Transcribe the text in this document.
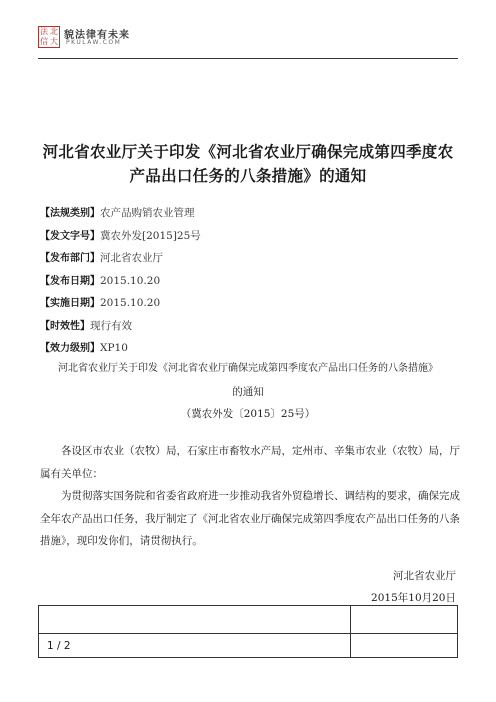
法 北
信 大
貌法律有未来
PKULAW.COM
河北省农业厅关于印发《河北省农业厅确保完成第四季度农
产品出口任务的八条措施》的通知
【法规类别】农产品购销农业管理
【发文字号】冀农外发[2015]25号
【发布部门】河北省农业厅
【发布日期】2015.10.20
【实施日期】2015.10.20
【时效性】现行有效
【效力级别】XP10
河北省农业厅关于印发《河北省农业厅确保完成第四季度农产品出口任务的八条措施》
的通知
（冀农外发〔2015〕25号）
各设区市农业（农牧）局，石家庄市畜牧水产局，定州市、辛集市农业（农牧）局，厅属有关单位：
为贯彻落实国务院和省委省政府进一步推动我省外贸稳增长、调结构的要求，确保完成全年农产品出口任务，我厅制定了《河北省农业厅确保完成第四季度农产品出口任务的八条措施》，现印发你们，请贯彻执行。
河北省农业厅
2015年10月20日
1 / 2
